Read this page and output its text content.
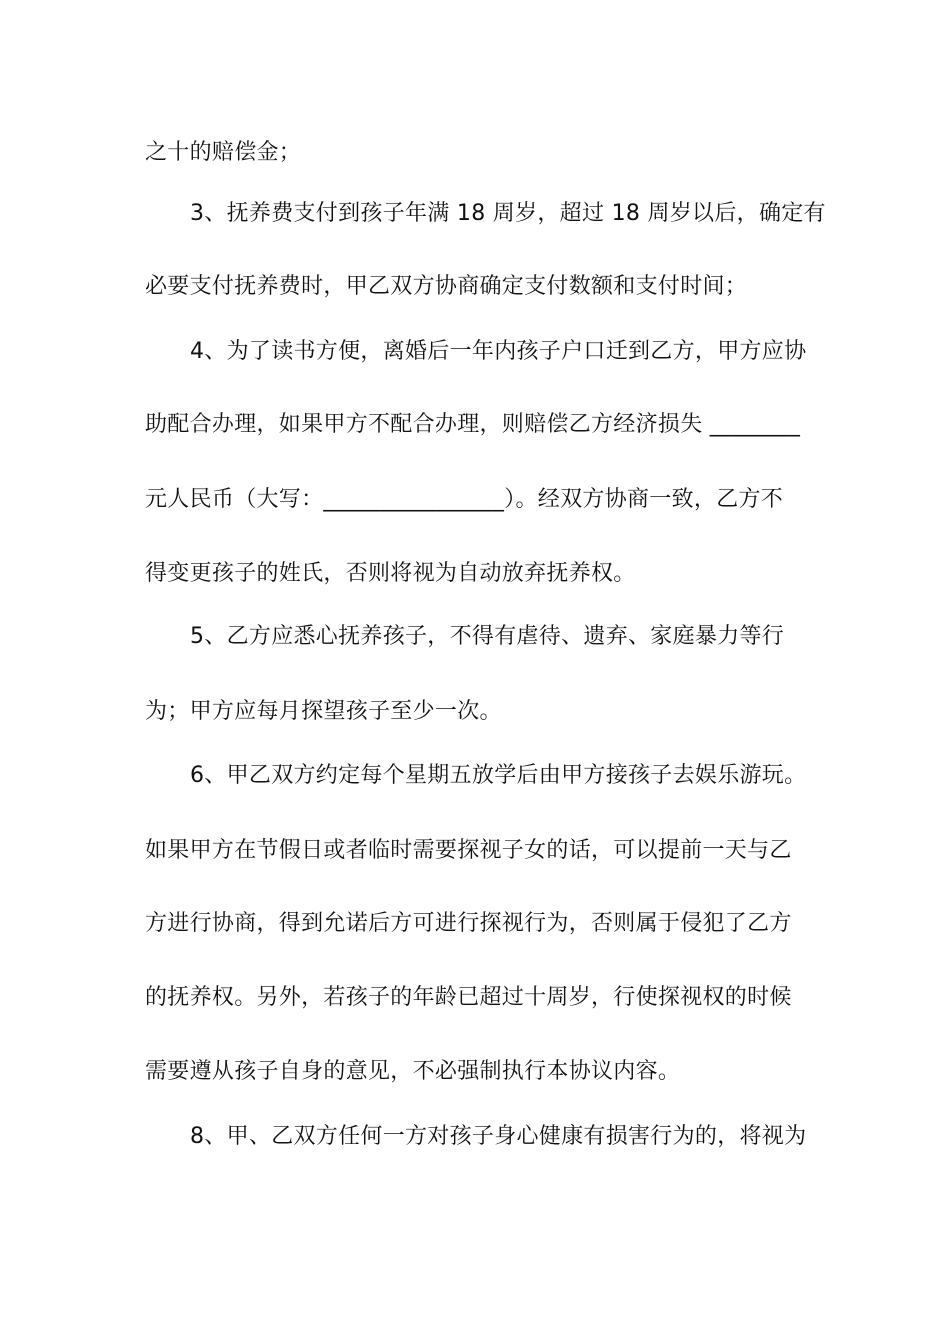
之十的赔偿金；
3、抚养费支付到孩子年满 18 周岁，超过 18 周岁以后，确定有
必要支付抚养费时，甲乙双方协商确定支付数额和支付时间；
4、为了读书方便，离婚后一年内孩子户口迁到乙方，甲方应协
助配合办理，如果甲方不配合办理，则赔偿乙方经济损失 ________
元人民币（大写：________________）。经双方协商一致，乙方不
得变更孩子的姓氏，否则将视为自动放弃抚养权。
5、乙方应悉心抚养孩子，不得有虐待、遗弃、家庭暴力等行
为；甲方应每月探望孩子至少一次。
6、甲乙双方约定每个星期五放学后由甲方接孩子去娱乐游玩。
如果甲方在节假日或者临时需要探视子女的话，可以提前一天与乙
方进行协商，得到允诺后方可进行探视行为，否则属于侵犯了乙方
的抚养权。另外，若孩子的年龄已超过十周岁，行使探视权的时候
需要遵从孩子自身的意见，不必强制执行本协议内容。
8、甲、乙双方任何一方对孩子身心健康有损害行为的，将视为
